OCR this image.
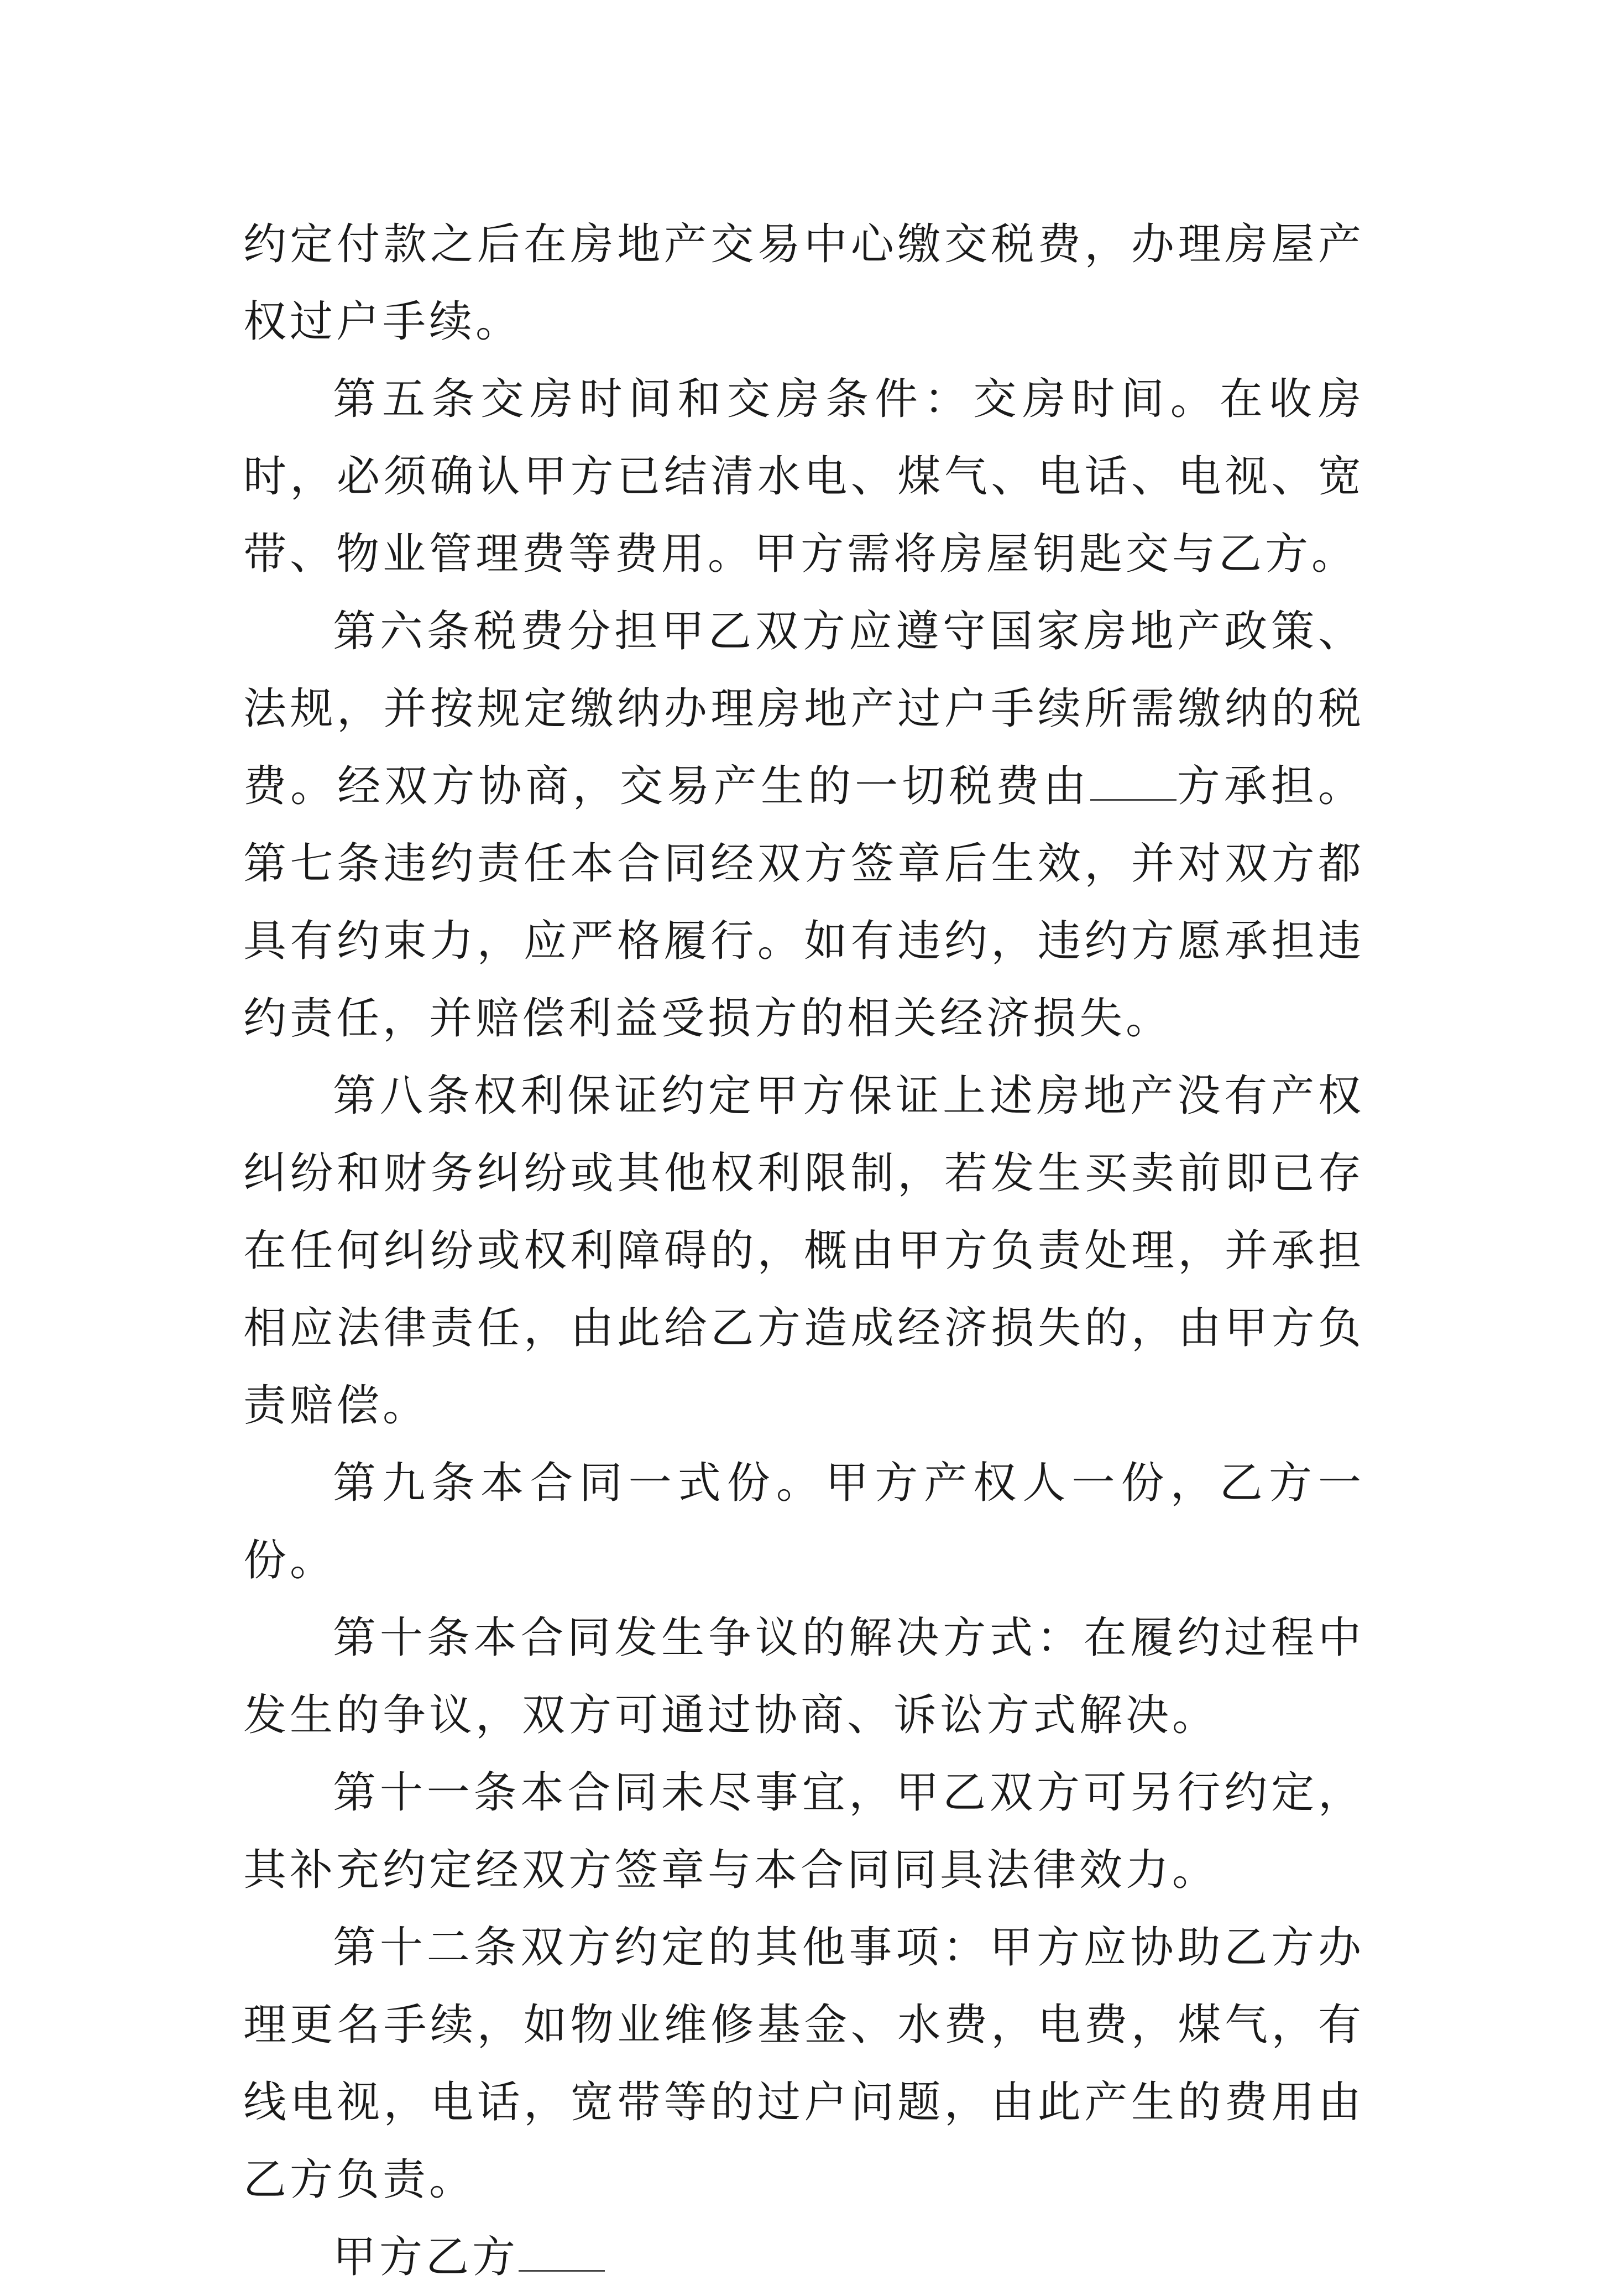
约定付款之后在房地产交易中心缴交税费，办理房屋产权过户手续。

第五条交房时间和交房条件：交房时间。在收房时，必须确认甲方已结清水电、煤气、电话、电视、宽带、物业管理费等费用。甲方需将房屋钥匙交与乙方。

第六条税费分担甲乙双方应遵守国家房地产政策、法规，并按规定缴纳办理房地产过户手续所需缴纳的税费。经双方协商，交易产生的一切税费由 方承担。第七条违约责任本合同经双方签章后生效，并对双方都具有约束力，应严格履行。如有违约，违约方愿承担违约责任，并赔偿利益受损方的相关经济损失。

第八条权利保证约定甲方保证上述房地产没有产权纠纷和财务纠纷或其他权利限制，若发生买卖前即已存在任何纠纷或权利障碍的，概由甲方负责处理，并承担相应法律责任，由此给乙方造成经济损失的，由甲方负责赔偿。

第九条本合同一式份。甲方产权人一份，乙方一份。

第十条本合同发生争议的解决方式：在履约过程中发生的争议，双方可通过协商、诉讼方式解决。

第十一条本合同未尽事宜，甲乙双方可另行约定，其补充约定经双方签章与本合同同具法律效力。

第十二条双方约定的其他事项：甲方应协助乙方办理更名手续，如物业维修基金、水费，电费，煤气，有线电视，电话，宽带等的过户问题，由此产生的费用由乙方负责。

甲方乙方
